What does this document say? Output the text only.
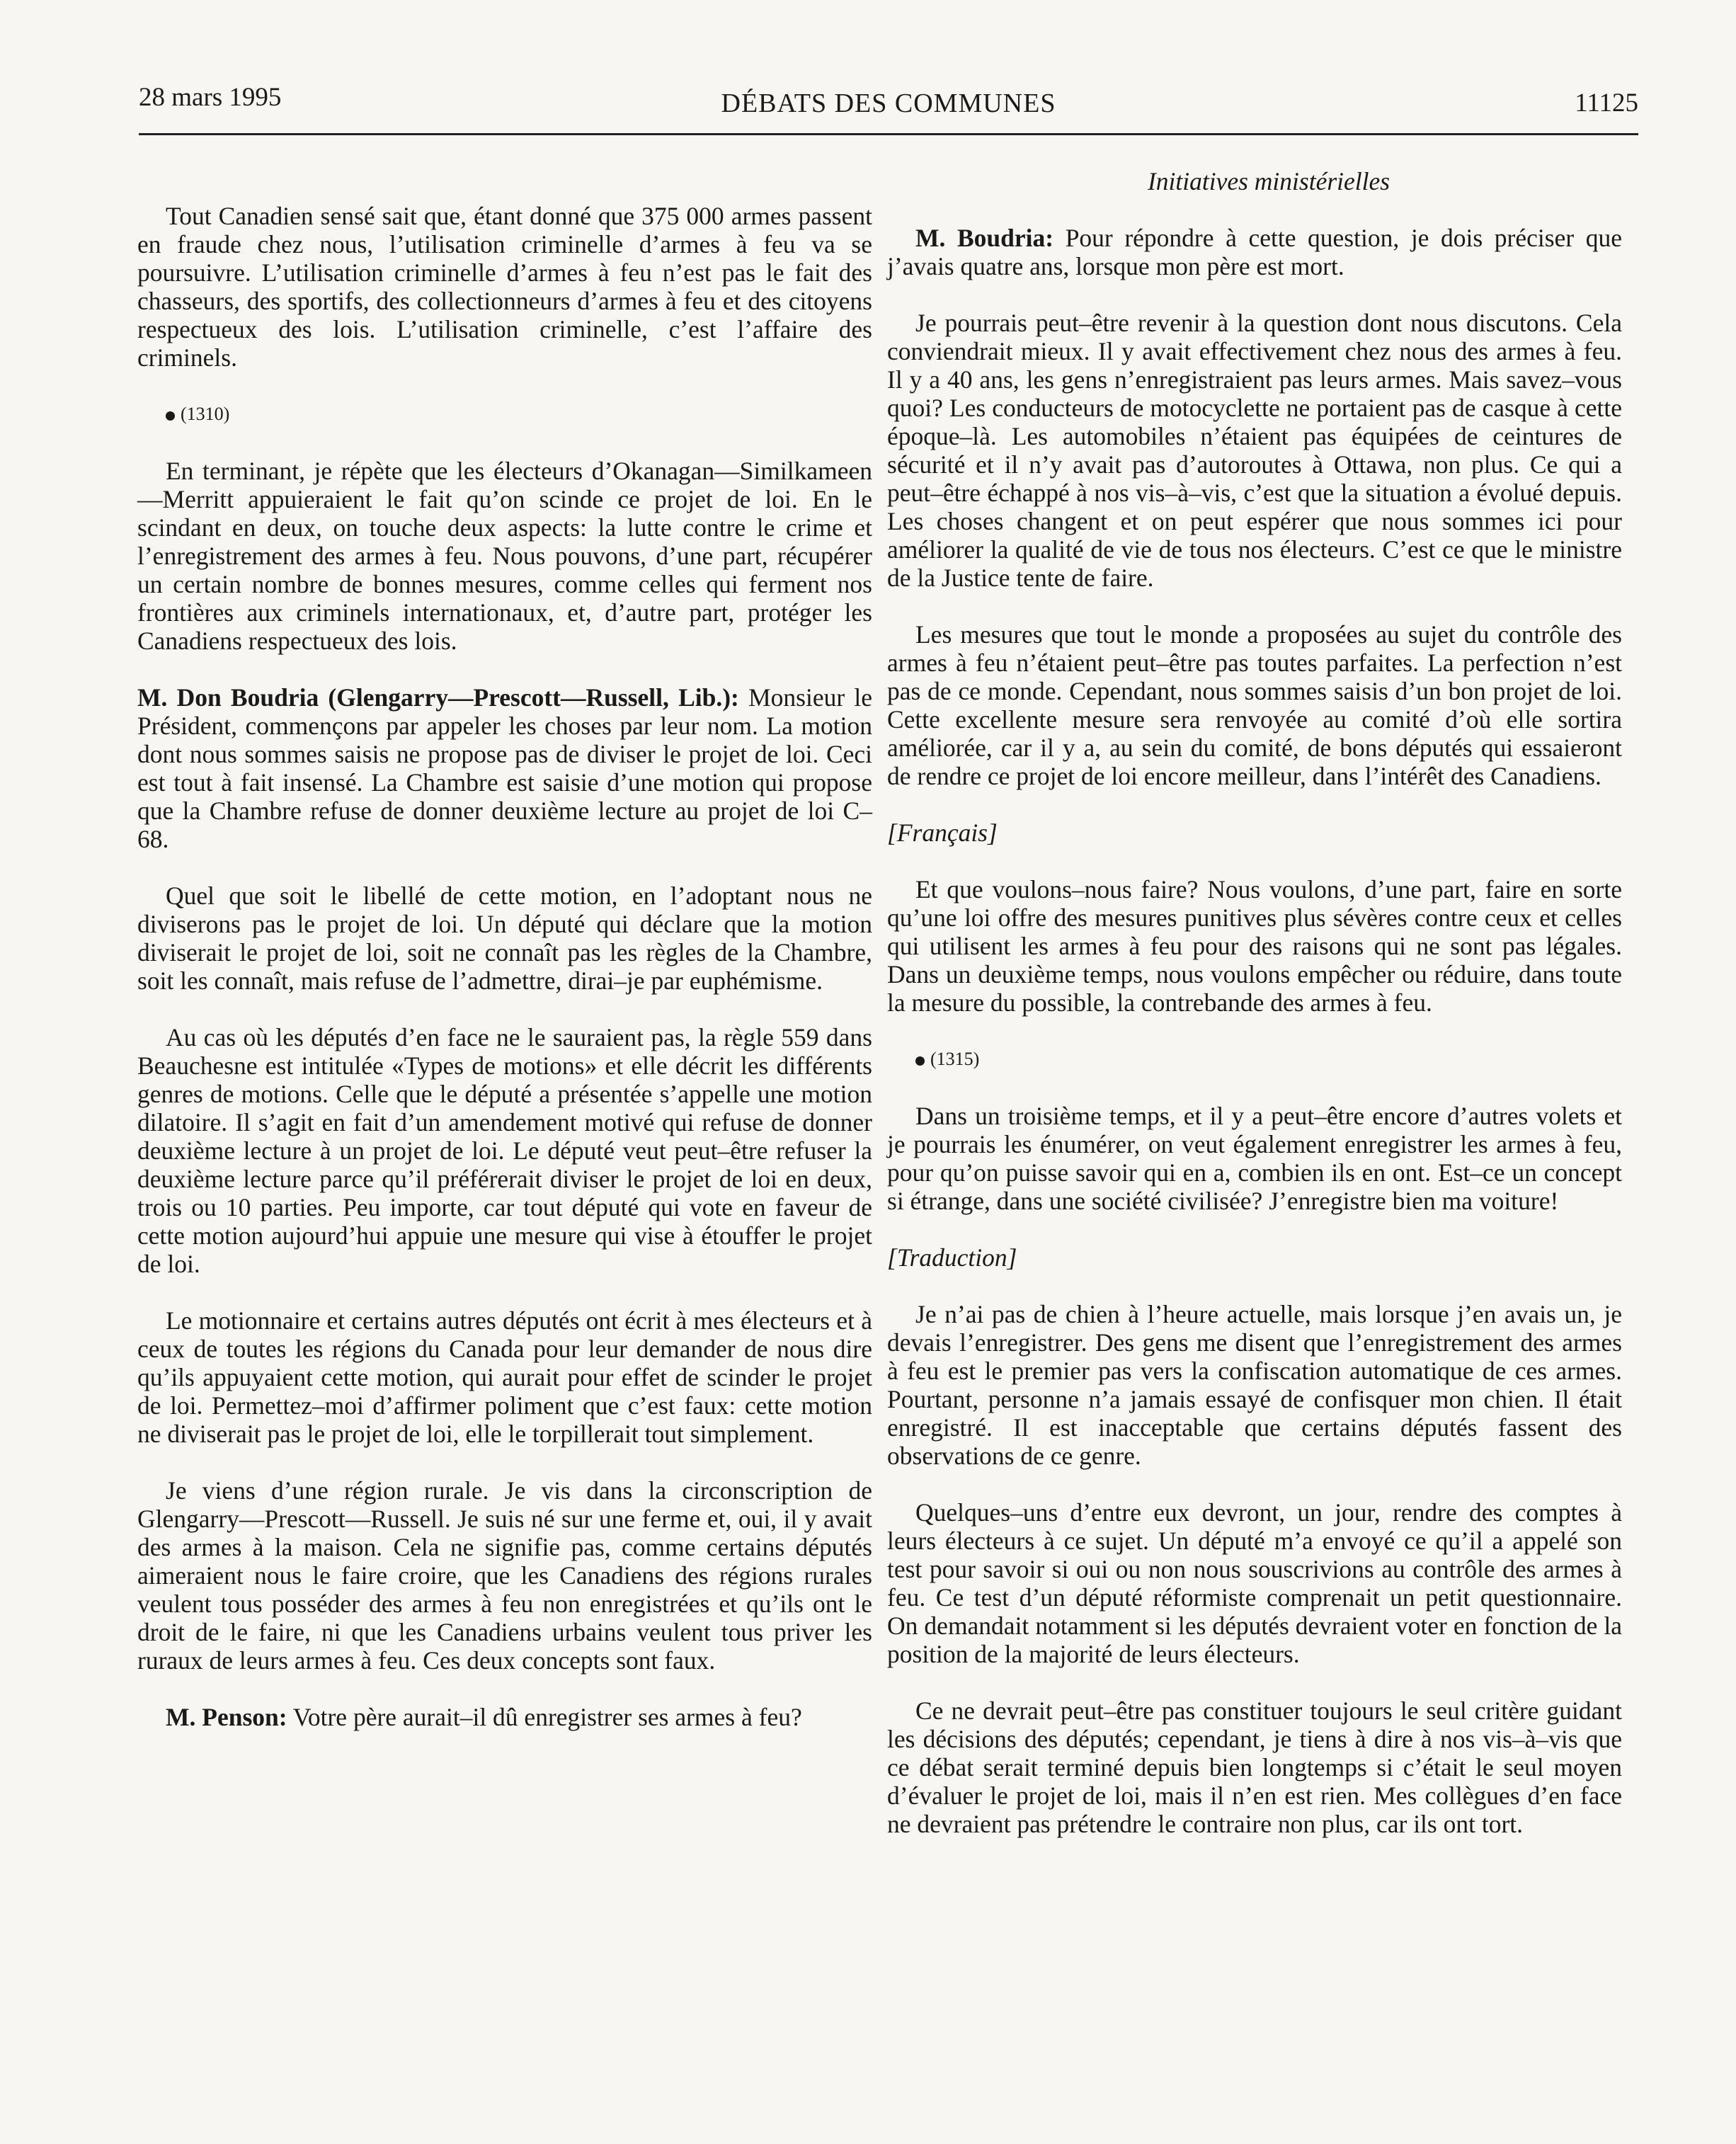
28 mars 1995	DÉBATS DES COMMUNES	11125

Tout Canadien sensé sait que, étant donné que 375 000 armes passent en fraude chez nous, l’utilisation criminelle d’armes à feu va se poursuivre. L’utilisation criminelle d’armes à feu n’est pas le fait des chasseurs, des sportifs, des collectionneurs d’armes à feu et des citoyens respectueux des lois. L’utilisation criminelle, c’est l’affaire des criminels.

(1310)

En terminant, je répète que les électeurs d’Okanagan—Similkameen—Merritt appuieraient le fait qu’on scinde ce projet de loi. En le scindant en deux, on touche deux aspects: la lutte contre le crime et l’enregistrement des armes à feu. Nous pouvons, d’une part, récupérer un certain nombre de bonnes mesures, comme celles qui ferment nos frontières aux criminels internationaux, et, d’autre part, protéger les Canadiens respectueux des lois.

M. Don Boudria (Glengarry—Prescott—Russell, Lib.): Monsieur le Président, commençons par appeler les choses par leur nom. La motion dont nous sommes saisis ne propose pas de diviser le projet de loi. Ceci est tout à fait insensé. La Chambre est saisie d’une motion qui propose que la Chambre refuse de donner deuxième lecture au projet de loi C–68.

Quel que soit le libellé de cette motion, en l’adoptant nous ne diviserons pas le projet de loi. Un député qui déclare que la motion diviserait le projet de loi, soit ne connaît pas les règles de la Chambre, soit les connaît, mais refuse de l’admettre, dirai–je par euphémisme.

Au cas où les députés d’en face ne le sauraient pas, la règle 559 dans Beauchesne est intitulée «Types de motions» et elle décrit les différents genres de motions. Celle que le député a présentée s’appelle une motion dilatoire. Il s’agit en fait d’un amendement motivé qui refuse de donner deuxième lecture à un projet de loi. Le député veut peut–être refuser la deuxième lecture parce qu’il préférerait diviser le projet de loi en deux, trois ou 10 parties. Peu importe, car tout député qui vote en faveur de cette motion aujourd’hui appuie une mesure qui vise à étouffer le projet de loi.

Le motionnaire et certains autres députés ont écrit à mes électeurs et à ceux de toutes les régions du Canada pour leur demander de nous dire qu’ils appuyaient cette motion, qui aurait pour effet de scinder le projet de loi. Permettez–moi d’affirmer poliment que c’est faux: cette motion ne diviserait pas le projet de loi, elle le torpillerait tout simplement.

Je viens d’une région rurale. Je vis dans la circonscription de Glengarry—Prescott—Russell. Je suis né sur une ferme et, oui, il y avait des armes à la maison. Cela ne signifie pas, comme certains députés aimeraient nous le faire croire, que les Canadiens des régions rurales veulent tous posséder des armes à feu non enregistrées et qu’ils ont le droit de le faire, ni que les Canadiens urbains veulent tous priver les ruraux de leurs armes à feu. Ces deux concepts sont faux.

M. Penson: Votre père aurait–il dû enregistrer ses armes à feu?

Initiatives ministérielles

M. Boudria: Pour répondre à cette question, je dois préciser que j’avais quatre ans, lorsque mon père est mort.

Je pourrais peut–être revenir à la question dont nous discutons. Cela conviendrait mieux. Il y avait effectivement chez nous des armes à feu. Il y a 40 ans, les gens n’enregistraient pas leurs armes. Mais savez–vous quoi? Les conducteurs de motocyclette ne portaient pas de casque à cette époque–là. Les automobiles n’étaient pas équipées de ceintures de sécurité et il n’y avait pas d’autoroutes à Ottawa, non plus. Ce qui a peut–être échappé à nos vis–à–vis, c’est que la situation a évolué depuis. Les choses changent et on peut espérer que nous sommes ici pour améliorer la qualité de vie de tous nos électeurs. C’est ce que le ministre de la Justice tente de faire.

Les mesures que tout le monde a proposées au sujet du contrôle des armes à feu n’étaient peut–être pas toutes parfaites. La perfection n’est pas de ce monde. Cependant, nous sommes saisis d’un bon projet de loi. Cette excellente mesure sera renvoyée au comité d’où elle sortira améliorée, car il y a, au sein du comité, de bons députés qui essaieront de rendre ce projet de loi encore meilleur, dans l’intérêt des Canadiens.

[Français]

Et que voulons–nous faire? Nous voulons, d’une part, faire en sorte qu’une loi offre des mesures punitives plus sévères contre ceux et celles qui utilisent les armes à feu pour des raisons qui ne sont pas légales. Dans un deuxième temps, nous voulons empêcher ou réduire, dans toute la mesure du possible, la contrebande des armes à feu.

(1315)

Dans un troisième temps, et il y a peut–être encore d’autres volets et je pourrais les énumérer, on veut également enregistrer les armes à feu, pour qu’on puisse savoir qui en a, combien ils en ont. Est–ce un concept si étrange, dans une société civilisée? J’enregistre bien ma voiture!

[Traduction]

Je n’ai pas de chien à l’heure actuelle, mais lorsque j’en avais un, je devais l’enregistrer. Des gens me disent que l’enregistrement des armes à feu est le premier pas vers la confiscation automatique de ces armes. Pourtant, personne n’a jamais essayé de confisquer mon chien. Il était enregistré. Il est inacceptable que certains députés fassent des observations de ce genre.

Quelques–uns d’entre eux devront, un jour, rendre des comptes à leurs électeurs à ce sujet. Un député m’a envoyé ce qu’il a appelé son test pour savoir si oui ou non nous souscrivions au contrôle des armes à feu. Ce test d’un député réformiste comprenait un petit questionnaire. On demandait notamment si les députés devraient voter en fonction de la position de la majorité de leurs électeurs.

Ce ne devrait peut–être pas constituer toujours le seul critère guidant les décisions des députés; cependant, je tiens à dire à nos vis–à–vis que ce débat serait terminé depuis bien longtemps si c’était le seul moyen d’évaluer le projet de loi, mais il n’en est rien. Mes collègues d’en face ne devraient pas prétendre le contraire non plus, car ils ont tort.
